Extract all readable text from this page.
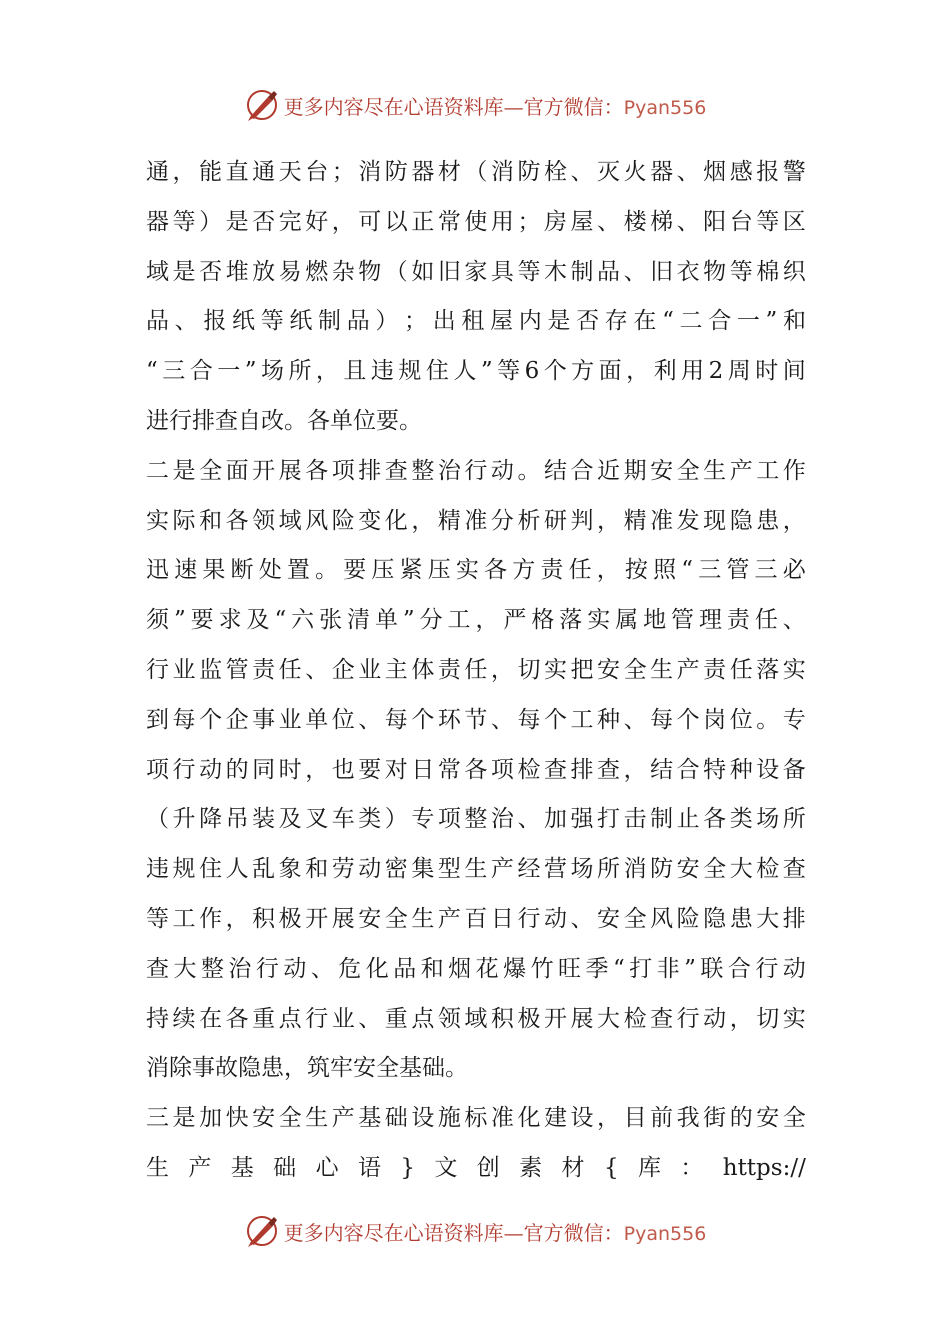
更多内容尽在心语资料库—官方微信：Pyan556
通 ， 能 直 通 天 台 ； 消 防 器 材 （ 消 防 栓 、 灭 火 器 、 烟 感 报 警
器 等 ） 是 否 完 好 ， 可 以 正 常 使 用 ； 房 屋 、 楼 梯 、 阳 台 等 区
域 是 否 堆 放 易 燃 杂 物 （ 如 旧 家 具 等 木 制 品 、 旧 衣 物 等 棉 织
品 、 报 纸 等 纸 制 品 ） ； 出 租 屋 内 是 否 存 在 “ 二 合 一 ” 和
“ 三 合 一 ” 场 所 ， 且 违 规 住 人 ” 等 6 个 方 面 ， 利 用 2 周 时 间
进行排查自改。各单位要。
二 是 全 面 开 展 各 项 排 查 整 治 行 动 。 结 合 近 期 安 全 生 产 工 作
实 际 和 各 领 域 风 险 变 化 ， 精 准 分 析 研 判 ， 精 准 发 现 隐 患 ，
迅 速 果 断 处 置 。 要 压 紧 压 实 各 方 责 任 ， 按 照 “ 三 管 三 必
须 ” 要 求 及 “ 六 张 清 单 ” 分 工 ， 严 格 落 实 属 地 管 理 责 任 、
行 业 监 管 责 任 、 企 业 主 体 责 任 ， 切 实 把 安 全 生 产 责 任 落 实
到 每 个 企 事 业 单 位 、 每 个 环 节 、 每 个 工 种 、 每 个 岗 位 。 专
项 行 动 的 同 时 ， 也 要 对 日 常 各 项 检 查 排 查 ， 结 合 特 种 设 备
（ 升 降 吊 装 及 叉 车 类 ） 专 项 整 治 、 加 强 打 击 制 止 各 类 场 所
违 规 住 人 乱 象 和 劳 动 密 集 型 生 产 经 营 场 所 消 防 安 全 大 检 查
等 工 作 ， 积 极 开 展 安 全 生 产 百 日 行 动 、 安 全 风 险 隐 患 大 排
查 大 整 治 行 动 、 危 化 品 和 烟 花 爆 竹 旺 季 “ 打 非 ” 联 合 行 动
持 续 在 各 重 点 行 业 、 重 点 领 域 积 极 开 展 大 检 查 行 动 ， 切 实
消除事故隐患，筑牢安全基础。
三 是 加 快 安 全 生 产 基 础 设 施 标 准 化 建 设 ， 目 前 我 街 的 安 全
生 产 基 础 心 语 } 文 创 素 材 { 库 ： https://
更多内容尽在心语资料库—官方微信：Pyan556
